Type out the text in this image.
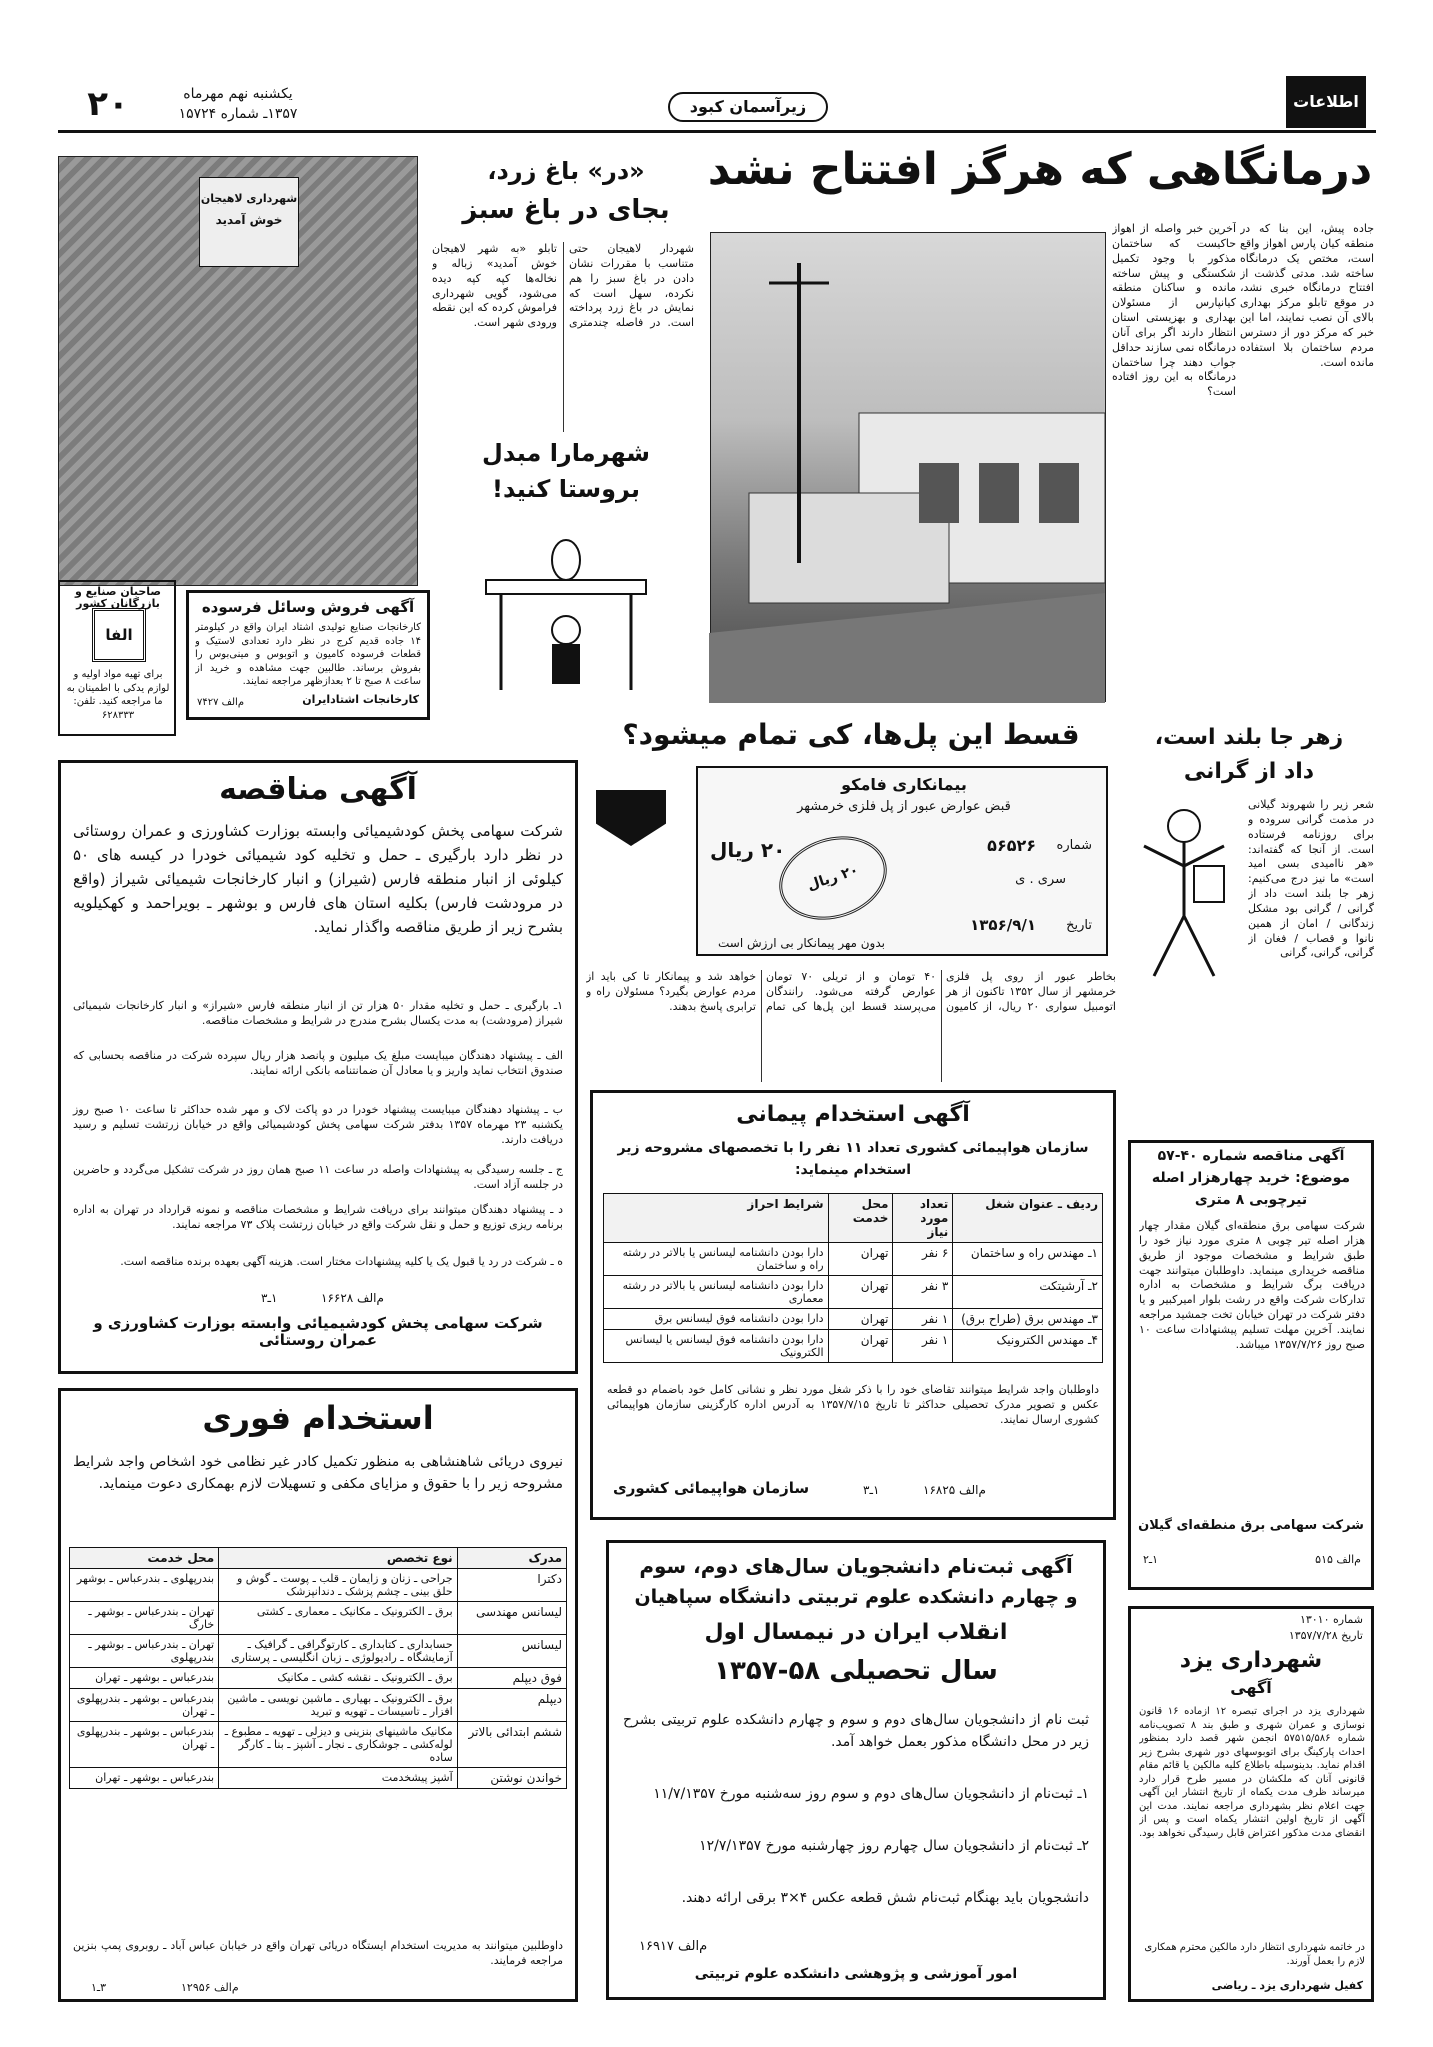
۲۰	یکشنبه نهم مهرماه
۱۳۵۷ـ شماره ۱۵۷۲۴	زیرآسمان کبود	اطلاعات
درمانگاهی که هرگز افتتاح نشد
جاده پیش، این بنا که در منطقه کیان پارس اهواز واقع است، مختص یک درمانگاه ساخته شد. مدتی گذشت از افتتاح درمانگاه خبری نشد، در موقع تابلو مرکز بهداری بالای آن نصب نمایند، اما این خبر که مرکز دور از دسترس مردم ساختمان بلا استفاده مانده است.
آخرین خبر واصله از اهواز حاکیست که ساختمان مذکور با وجود تکمیل شکستگی و پیش ساخته مانده و ساکنان منطقه کیانپارس از مسئولان بهداری و بهزیستی استان انتظار دارند اگر برای آنان درمانگاه نمی سازند حداقل جواب دهند چرا ساختمان درمانگاه به این روز افتاده است؟
شهرداری لاهیجان
خوش آمدید
«در» باغ زرد،
بجای در باغ سبز
شهردار لاهیجان حتی متناسب با مقررات نشان دادن در باغ سبز را هم نکرده، سهل است که نمایش در باغ زرد پرداخته است. در فاصله چندمتری تابلو «به شهر لاهیجان خوش آمدید» زباله و نخاله‌ها کپه کپه دیده می‌شود، گویی شهرداری فراموش کرده که این نقطه ورودی شهر است.
شهرمارا مبدل
بروستا کنید!
قسط این پل‌ها، کی تمام میشود؟
بیمانکاری فامکو
قبض عوارض عبور از پل فلزی خرمشهر
شماره
۵۶۵۲۶
سری . ی
۲۰ ریال
۲۰ ریال
تاریخ
۱۳۵۶/۹/۱
بدون مهر پیمانکار بی ارزش است
بخاطر عبور از روی پل فلزی خرمشهر از سال ۱۳۵۲ تاکنون از هر اتومبیل سواری ۲۰ ریال، از کامیون ۴۰ تومان و از تریلی ۷۰ تومان عوارض گرفته می‌شود. رانندگان می‌پرسند قسط این پل‌ها کی تمام خواهد شد و پیمانکار تا کی باید از مردم عوارض بگیرد؟ مسئولان راه و ترابری پاسخ بدهند.
زهر جا بلند است،
داد از گرانی
شعر زیر را شهروند گیلانی در مذمت گرانی سروده و برای روزنامه فرستاده است. از آنجا که گفته‌اند: «هر ناامیدی بسی امید است» ما نیز درج می‌کنیم: زهر جا بلند است داد از گرانی / گرانی بود مشکل زندگانی / امان از همین نانوا و قصاب / فغان از گرانی، گرانی، گرانی
صاحبان صنایع و بازرگانان کشور
الفا
برای تهیه مواد اولیه و لوازم یدکی با اطمینان به ما مراجعه کنید. تلفن: ۶۲۸۳۳۳
آگهی فروش وسائل فرسوده
کارخانجات صنایع تولیدی اشتاد ایران واقع در کیلومتر ۱۴ جاده قدیم کرج در نظر دارد تعدادی لاستیک و قطعات فرسوده کامیون و اتوبوس و مینی‌بوس را بفروش برساند. طالبین جهت مشاهده و خرید از ساعت ۸ صبح تا ۲ بعدازظهر مراجعه نمایند.
کارخانجات اشتادایران
م‌الف ۷۴۲۷
آگهی مناقصه
شرکت سهامی پخش کودشیمیائی وابسته بوزارت کشاورزی و عمران روستائی در نظر دارد بارگیری ـ حمل و تخلیه کود شیمیائی خودرا در کیسه های ۵۰ کیلوئی از انبار منطقه فارس (شیراز) و انبار کارخانجات شیمیائی شیراز (واقع در مرودشت فارس) بکلیه استان های فارس و بوشهر ـ بویراحمد و کهکیلویه بشرح زیر از طریق مناقصه واگذار نماید.
۱ـ بارگیری ـ حمل و تخلیه مقدار ۵۰ هزار تن از انبار منطقه فارس «شیراز» و انبار کارخانجات شیمیائی شیراز (مرودشت) به مدت یکسال بشرح مندرج در شرایط و مشخصات مناقصه.
الف ـ پیشنهاد دهندگان میبایست مبلغ یک میلیون و پانصد هزار ریال سپرده شرکت در مناقصه بحسابی که صندوق انتخاب نماید واریز و یا معادل آن ضمانتنامه بانکی ارائه نمایند.
ب ـ پیشنهاد دهندگان میبایست پیشنهاد خودرا در دو پاکت لاک و مهر شده حداکثر تا ساعت ۱۰ صبح روز یکشنبه ۲۳ مهرماه ۱۳۵۷ بدفتر شرکت سهامی پخش کودشیمیائی واقع در خیابان زرتشت تسلیم و رسید دریافت دارند.
ج ـ جلسه رسیدگی به پیشنهادات واصله در ساعت ۱۱ صبح همان روز در شرکت تشکیل می‌گردد و حاضرین در جلسه آزاد است.
د ـ پیشنهاد دهندگان میتوانند برای دریافت شرایط و مشخصات مناقصه و نمونه قرارداد در تهران به اداره برنامه ریزی توزیع و حمل و نقل شرکت واقع در خیابان زرتشت پلاک ۷۳ مراجعه نمایند.
ه ـ شرکت در رد یا قبول یک یا کلیه پیشنهادات مختار است. هزینه آگهی بعهده برنده مناقصه است.
م‌الف ۱۶۶۲۸
۱ـ۳
شرکت سهامی پخش کودشیمیائی وابسته بوزارت کشاورزی و عمران روستائی
استخدام فوری
نیروی دریائی شاهنشاهی به منظور تکمیل کادر غیر نظامی خود اشخاص واجد شرایط مشروحه زیر را با حقوق و مزایای مکفی و تسهیلات لازم بهمکاری دعوت مینماید.
مدرک	نوع تخصص	محل خدمت
دکترا	جراحی ـ زنان و زایمان ـ قلب ـ پوست ـ گوش و حلق بینی ـ چشم پزشک ـ دندانپزشک	بندرپهلوی ـ بندرعباس ـ بوشهر
لیسانس مهندسی	برق ـ الکترونیک ـ مکانیک ـ معماری ـ کشتی	تهران ـ بندرعباس ـ بوشهر ـ خارگ
لیسانس	حسابداری ـ کتابداری ـ کارتوگرافی ـ گرافیک ـ آزمایشگاه ـ رادیولوژی ـ زبان انگلیسی ـ پرستاری	تهران ـ بندرعباس ـ بوشهر ـ بندرپهلوی
فوق دیپلم	برق ـ الکترونیک ـ نقشه کشی ـ مکانیک	بندرعباس ـ بوشهر ـ تهران
دیپلم	برق ـ الکترونیک ـ بهیاری ـ ماشین نویسی ـ ماشین افزار ـ تاسیسات ـ تهویه و تبرید	بندرعباس ـ بوشهر ـ بندرپهلوی ـ تهران
ششم ابتدائی بالاتر	مکانیک ماشینهای بنزینی و دیزلی ـ تهویه ـ مطبوع ـ لوله‌کشی ـ جوشکاری ـ نجار ـ آشپز ـ بنا ـ کارگر ساده	بندرعباس ـ بوشهر ـ بندرپهلوی ـ تهران
خواندن نوشتن	آشپز پیشخدمت	بندرعباس ـ بوشهر ـ تهران
داوطلبین میتوانند به مدیریت استخدام ایستگاه دریائی تهران واقع در خیابان عباس آباد ـ روبروی پمپ بنزین مراجعه فرمایند.
م‌الف ۱۲۹۵۶
۳ـ۱
آگهی استخدام پیمانی
سازمان هواپیمائی کشوری تعداد ۱۱ نفر را با تخصصهای مشروحه زیر استخدام مینماید:
ردیف ـ عنوان شغل	تعداد مورد نیاز	محل خدمت	شرایط احراز
۱ـ مهندس راه و ساختمان	۶ نفر	تهران	دارا بودن دانشنامه لیسانس یا بالاتر در رشته راه و ساختمان
۲ـ آرشیتکت	۳ نفر	تهران	دارا بودن دانشنامه لیسانس یا بالاتر در رشته معماری
۳ـ مهندس برق (طراح برق)	۱ نفر	تهران	دارا بودن دانشنامه فوق لیسانس برق
۴ـ مهندس الکترونیک	۱ نفر	تهران	دارا بودن دانشنامه فوق لیسانس یا لیسانس الکترونیک
داوطلبان واجد شرایط میتوانند تقاضای خود را با ذکر شغل مورد نظر و نشانی کامل خود باضمام دو قطعه عکس و تصویر مدرک تحصیلی حداکثر تا تاریخ ۱۳۵۷/۷/۱۵ به آدرس اداره کارگزینی سازمان هواپیمائی کشوری ارسال نمایند.
م‌الف ۱۶۸۲۵
۱ـ۳
سازمان هواپیمائی کشوری
آگهی ثبت‌نام دانشجویان سال‌های دوم، سوم
و چهارم دانشکده علوم تربیتی دانشگاه سپاهیان
انقلاب ایران در نیمسال اول
سال تحصیلی ۵۸-۱۳۵۷
ثبت نام از دانشجویان سال‌های دوم و سوم و چهارم دانشکده علوم تربیتی بشرح زیر در محل دانشگاه مذکور بعمل خواهد آمد.
۱ـ ثبت‌نام از دانشجویان سال‌های دوم و سوم روز سه‌شنبه مورخ ۱۱/۷/۱۳۵۷
۲ـ ثبت‌نام از دانشجویان سال چهارم روز چهارشنبه مورخ ۱۲/۷/۱۳۵۷
دانشجویان باید بهنگام ثبت‌نام شش قطعه عکس ۴×۳ برقی ارائه دهند.
م‌الف ۱۶۹۱۷
امور آموزشی و پژوهشی دانشکده علوم تربیتی
آگهی مناقصه شماره ۴۰-۵۷
موضوع: خرید چهارهزار اصله
تیرچوبی ۸ متری
شرکت سهامی برق منطقه‌ای گیلان مقدار چهار هزار اصله تیر چوبی ۸ متری مورد نیاز خود را طبق شرایط و مشخصات موجود از طریق مناقصه خریداری مینماید. داوطلبان میتوانند جهت دریافت برگ شرایط و مشخصات به اداره تدارکات شرکت واقع در رشت بلوار امیرکبیر و یا دفتر شرکت در تهران خیابان تخت جمشید مراجعه نمایند. آخرین مهلت تسلیم پیشنهادات ساعت ۱۰ صبح روز ۱۳۵۷/۷/۲۶ میباشد.
شرکت سهامی برق منطقه‌ای گیلان
م‌الف ۵۱۵
۱ـ۲
شماره ۱۳۰۱۰
تاریخ ۱۳۵۷/۷/۲۸
شهرداری یزد
آگهی
شهرداری یزد در اجرای تبصره ۱۲ ازماده ۱۶ قانون نوسازی و عمران شهری و طبق بند ۸ تصویب‌نامه شماره ۵۷۵۱۵/۵۸۶ انجمن شهر قصد دارد بمنظور احداث پارکینگ برای اتوبوسهای دور شهری بشرح زیر اقدام نماید. بدینوسیله باطلاع کلیه مالکین یا قائم مقام قانونی آنان که ملکشان در مسیر طرح قرار دارد میرساند ظرف مدت یکماه از تاریخ انتشار این آگهی جهت اعلام نظر بشهرداری مراجعه نمایند. مدت این آگهی از تاریخ اولین انتشار یکماه است و پس از انقضای مدت مذکور اعتراض قابل رسیدگی نخواهد بود.
در خاتمه شهرداری انتظار دارد مالکین محترم همکاری لازم را بعمل آورند.
کفیل شهرداری یزد ـ ریاضی
